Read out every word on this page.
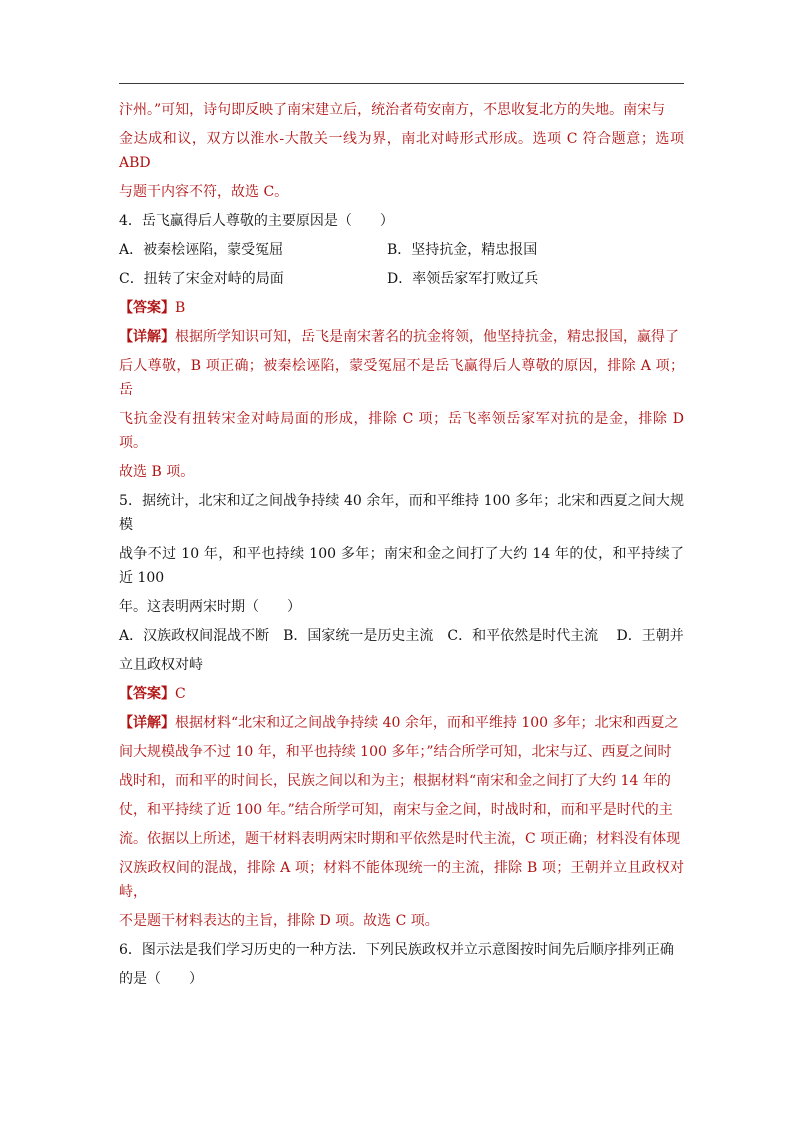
汴州。”可知，诗句即反映了南宋建立后，统治者苟安南方，不思收复北方的失地。南宋与

金达成和议，双方以淮水-大散关一线为界，南北对峙形式形成。选项 C 符合题意；选项 ABD

与题干内容不符，故选 C。

4．岳飞赢得后人尊敬的主要原因是（　　）

A．被秦桧诬陷，蒙受冤屈	B．坚持抗金，精忠报国
C．扭转了宋金对峙的局面	D．率领岳家军打败辽兵

【答案】B

【详解】根据所学知识可知，岳飞是南宋著名的抗金将领，他坚持抗金，精忠报国，赢得了

后人尊敬，B 项正确；被秦桧诬陷，蒙受冤屈不是岳飞赢得后人尊敬的原因，排除 A 项；岳

飞抗金没有扭转宋金对峙局面的形成，排除 C 项；岳飞率领岳家军对抗的是金，排除 D 项。

故选 B 项。

5．据统计，北宋和辽之间战争持续 40 余年，而和平维持 100 多年；北宋和西夏之间大规模

战争不过 10 年，和平也持续 100 多年；南宋和金之间打了大约 14 年的仗，和平持续了近 100

年。这表明两宋时期（　　）

A．汉族政权间混战不断　B．国家统一是历史主流　C．和平依然是时代主流　 D．王朝并

立且政权对峙

【答案】C

【详解】根据材料“北宋和辽之间战争持续 40 余年，而和平维持 100 多年；北宋和西夏之

间大规模战争不过 10 年，和平也持续 100 多年；”结合所学可知，北宋与辽、西夏之间时

战时和，而和平的时间长，民族之间以和为主；根据材料“南宋和金之间打了大约 14 年的

仗，和平持续了近 100 年。”结合所学可知，南宋与金之间，时战时和，而和平是时代的主

流。依据以上所述，题干材料表明两宋时期和平依然是时代主流，C 项正确；材料没有体现

汉族政权间的混战，排除 A 项；材料不能体现统一的主流，排除 B 项；王朝并立且政权对峙，

不是题干材料表达的主旨，排除 D 项。故选 C 项。

6．图示法是我们学习历史的一种方法．下列民族政权并立示意图按时间先后顺序排列正确

的是（　　）
